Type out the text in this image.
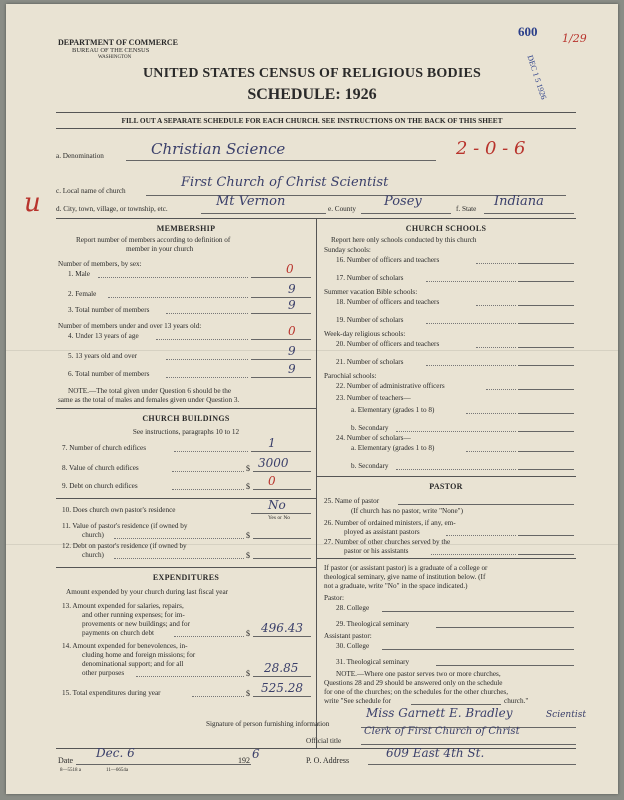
DEPARTMENT OF COMMERCE
BUREAU OF THE CENSUS
WASHINGTON
UNITED STATES CENSUS OF RELIGIOUS BODIES
SCHEDULE: 1926
FILL OUT A SEPARATE SCHEDULE FOR EACH CHURCH. SEE INSTRUCTIONS ON THE BACK OF THIS SHEET
600
DEC 1 5 1926
1/29
a. Denomination	Christian Science	2 - 0 - 6
c. Local name of church
First Church of Christ Scientist
u d. City, town, village, or township, etc.	Mt Vernon	e. County Posey	f. State Indiana
MEMBERSHIP
Report number of members according to definition of
member in your church
Number of members, by sex:
1. Male	0
2. Female	9
3. Total number of members	9
Number of members under and over 13 years old:
4. Under 13 years of age	0
5. 13 years old and over	9
6. Total number of members	9
NOTE.—The total given under Question 6 should be the
same as the total of males and females given under Question 3.
CHURCH BUILDINGS
See instructions, paragraphs 10 to 12
7. Number of church edifices	1
8. Value of church edifices	$ 3000
9. Debt on church edifices	$ 0
10. Does church own pastor's residence	No
Yes or No
11. Value of pastor's residence (if owned by
church)	$
12. Debt on pastor's residence (if owned by
church)	$
EXPENDITURES
Amount expended by your church during last fiscal year
13. Amount expended for salaries, repairs,
and other running expenses; for im-
provements or new buildings; and for
payments on church debt	$ 496.43
14. Amount expended for benevolences, in-
cluding home and foreign missions; for
denominational support; and for all
other purposes	$ 28.85
15. Total expenditures during year	$ 525.28
CHURCH SCHOOLS
Report here only schools conducted by this church
Sunday schools:
16. Number of officers and teachers
17. Number of scholars
Summer vacation Bible schools:
18. Number of officers and teachers
19. Number of scholars
Week-day religious schools:
20. Number of officers and teachers
21. Number of scholars
Parochial schools:
22. Number of administrative officers
23. Number of teachers—
a. Elementary (grades 1 to 8)
b. Secondary
24. Number of scholars—
a. Elementary (grades 1 to 8)
b. Secondary
PASTOR
25. Name of pastor
(If church has no pastor, write "None")
26. Number of ordained ministers, if any, em-
ployed as assistant pastors
27. Number of other churches served by the
pastor or his assistants
If pastor (or assistant pastor) is a graduate of a college or
theological seminary, give name of institution below. (If
not a graduate, write "No" in the space indicated.)
Pastor:
28. College
29. Theological seminary
Assistant pastor:
30. College
31. Theological seminary
NOTE.—Where one pastor serves two or more churches,
Questions 28 and 29 should be answered only on the schedule
for one of the churches; on the schedules for the other churches,
write "See schedule for	church."
Signature of person furnishing information
Miss Garnett E. Bradley
Official title
Clerk of First Church of Christ
Scientist
Date
Dec. 6
192 6	P. O. Address
609 East 4th St.
8—5518 a	11—6654a
